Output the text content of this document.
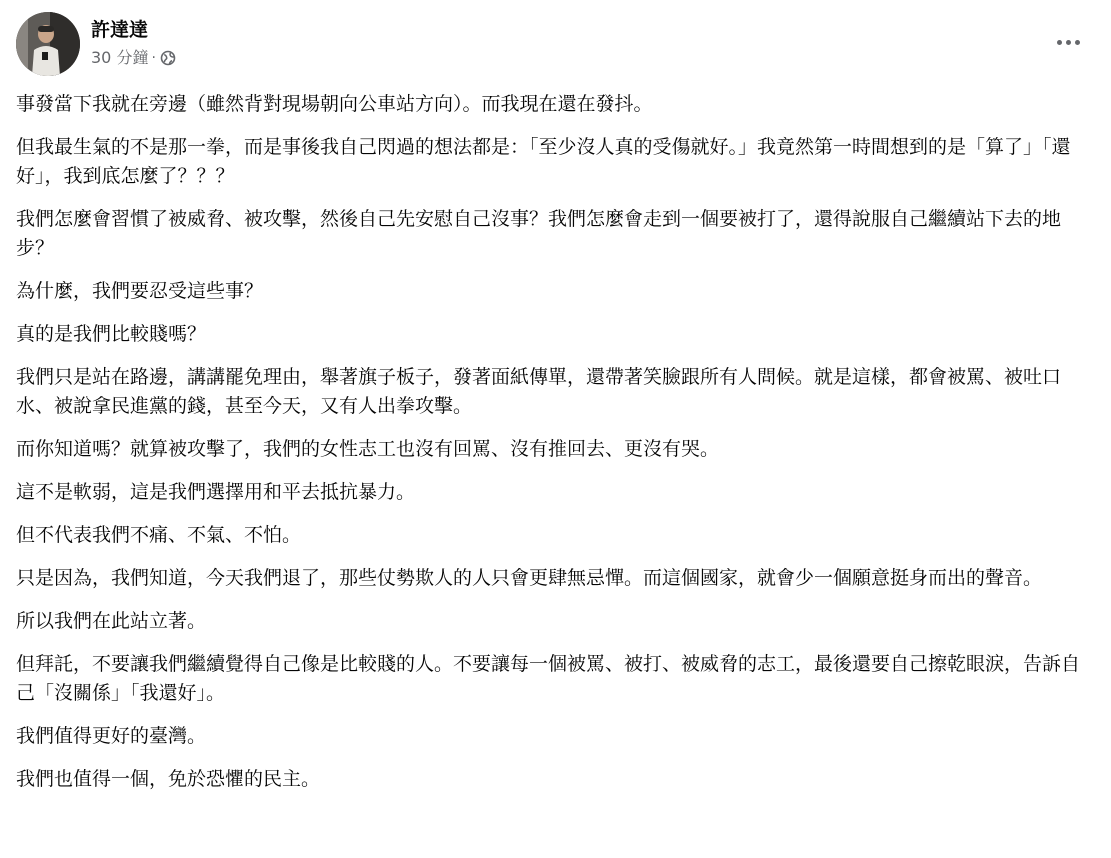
許達達
30 分鐘 ·

事發當下我就在旁邊（雖然背對現場朝向公車站方向）。而我現在還在發抖。

但我最生氣的不是那一拳，而是事後我自己閃過的想法都是：「至少沒人真的受傷就好。」我竟然第一時間想到的是「算了」「還好」，我到底怎麼了？？？

我們怎麼會習慣了被威脅、被攻擊，然後自己先安慰自己沒事？我們怎麼會走到一個要被打了，還得說服自己繼續站下去的地步？

為什麼，我們要忍受這些事？

真的是我們比較賤嗎？

我們只是站在路邊，講講罷免理由，舉著旗子板子，發著面紙傳單，還帶著笑臉跟所有人問候。就是這樣，都會被罵、被吐口水、被說拿民進黨的錢，甚至今天，又有人出拳攻擊。

而你知道嗎？就算被攻擊了，我們的女性志工也沒有回罵、沒有推回去、更沒有哭。

這不是軟弱，這是我們選擇用和平去抵抗暴力。

但不代表我們不痛、不氣、不怕。

只是因為，我們知道，今天我們退了，那些仗勢欺人的人只會更肆無忌憚。而這個國家，就會少一個願意挺身而出的聲音。

所以我們在此站立著。

但拜託，不要讓我們繼續覺得自己像是比較賤的人。不要讓每一個被罵、被打、被威脅的志工，最後還要自己擦乾眼淚，告訴自己「沒關係」「我還好」。

我們值得更好的臺灣。

我們也值得一個，免於恐懼的民主。
